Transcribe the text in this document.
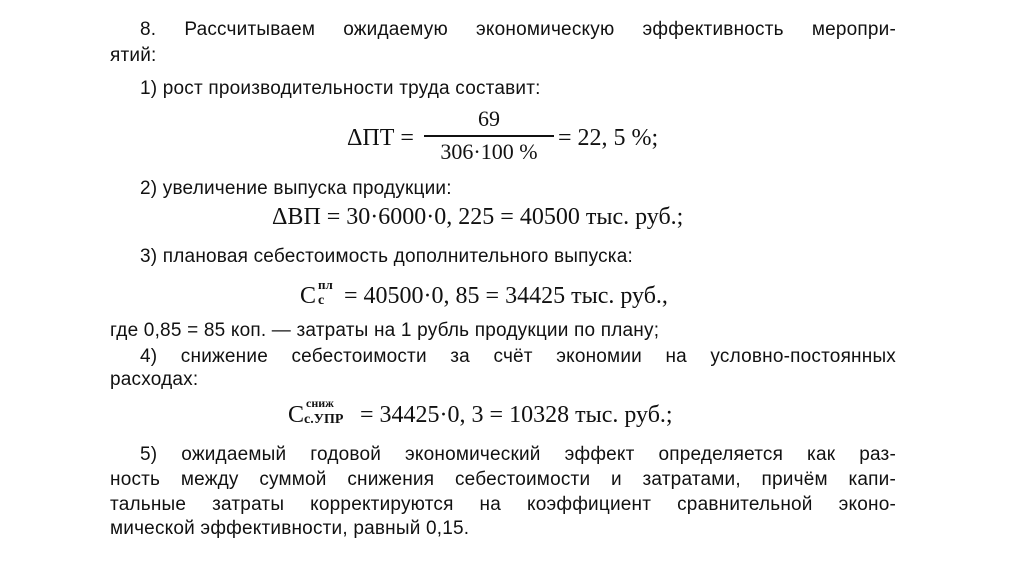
8. Рассчитываем ожидаемую экономическую эффективность меропри-
ятий:
1) рост производительности труда составит:
ΔПТ =
69
306·100 %
= 22, 5 %;
2) увеличение выпуска продукции:
ΔВП = 30·6000·0, 225 = 40500 тыс. руб.;
3) плановая себестоимость дополнительного выпуска:
С пл
с = 40500·0, 85 = 34425 тыс. руб.,
где 0,85 = 85 коп. — затраты на 1 рубль продукции по плану;
4) снижение себестоимости за счёт экономии на условно-постоянных
расходах:
С сниж
с.УПР = 34425·0, 3 = 10328 тыс. руб.;
5) ожидаемый годовой экономический эффект определяется как раз-
ность между суммой снижения себестоимости и затратами, причём капи-
тальные затраты корректируются на коэффициент сравнительной эконо-
мической эффективности, равный 0,15.
